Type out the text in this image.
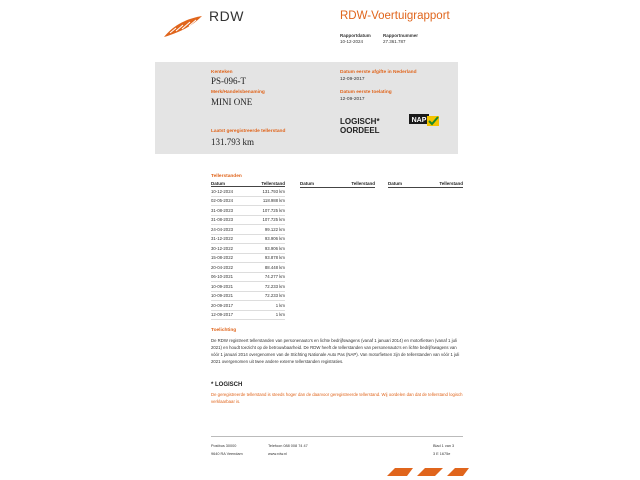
RDW	RDW-Voertuigrapport
Rapportdatum
10-12-2024
Rapportnummer
27.361.787
Kenteken
PS-096-T
Merk/Handelsbenaming
MINI ONE
Laatst geregistreerde tellerstand
131.793 km
Datum eerste afgifte in Nederland
12-09-2017
Datum eerste toelating
12-09-2017
LOGISCH*
OORDEEL
NAP
Tellerstanden
Datum	Tellerstand
10-12-2024	131.793 km
02-05-2024	118.988 km
31-08-2023	107.725 km
31-08-2023	107.725 km
24-04-2023	99.122 km
31-12-2022	93.906 km
30-12-2022	93.906 km
15-08-2022	93.878 km
20-04-2022	88.448 km
06-10-2021	74.277 km
10-09-2021	72.233 km
10-09-2021	72.233 km
20-09-2017	1 km
12-09-2017	1 km
Datum	Tellerstand	Datum	Tellerstand
Toelichting
De RDW registreert tellerstanden van personenauto's en lichte bedrijfswagens (vanaf 1 januari 2014) en motorfietsen (vanaf 1 juli 2021) en houdt toezicht op de betrouwbaarheid. De RDW heeft de tellerstanden van personenauto's en lichte bedrijfswagens van vóór 1 januari 2014 overgenomen van de Stichting Nationale Auto Pas (NAP). Van motorfietsen zijn de tellerstanden van vóór 1 juli 2021 overgenomen uit twee andere externe tellerstanden registraties.
* LOGISCH
De geregistreerde tellerstand is steeds hoger dan de daarvoor geregistreerde tellerstand. Wij oordelen dan dat de tellerstand logisch verklaarbaar is.
Postbus 30000
9640 RA Veendam
Telefoon 088 008 74 47
www.rdw.nl
Blad 1 van 3
3 E 1675e
